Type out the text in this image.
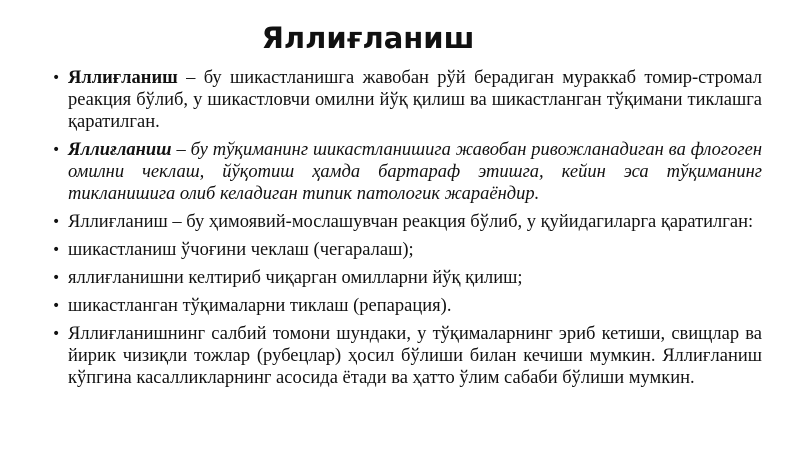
Яллиғланиш
• Яллиғланиш – бу шикастланишга жавобан рўй берадиган мураккаб томир-стромал реакция бўлиб, у шикастловчи омилни йўқ қилиш ва шикастланган тўқимани тиклашга қаратилган.
• Яллиғланиш – бу тўқиманинг шикастланишига жавобан ривожланадиган ва флогоген омилни чеклаш, йўқотиш ҳамда бартараф этишга, кейин эса тўқиманинг тикланишига олиб келадиган типик патологик жараёндир.
• Яллиғланиш – бу ҳимоявий-мослашувчан реакция бўлиб, у қуйидагиларга қаратилган:
• шикастланиш ўчоғини чеклаш (чегаралаш);
• яллиғланишни келтириб чиқарган омилларни йўқ қилиш;
• шикастланган тўқималарни тиклаш (репарация).
• Яллиғланишнинг салбий томони шундаки, у тўқималарнинг эриб кетиши, свищлар ва йирик чизиқли тожлар (рубецлар) ҳосил бўлиши билан кечиши мумкин. Яллиғланиш кўпгина касалликларнинг асосида ётади ва ҳатто ўлим сабаби бўлиши мумкин.
